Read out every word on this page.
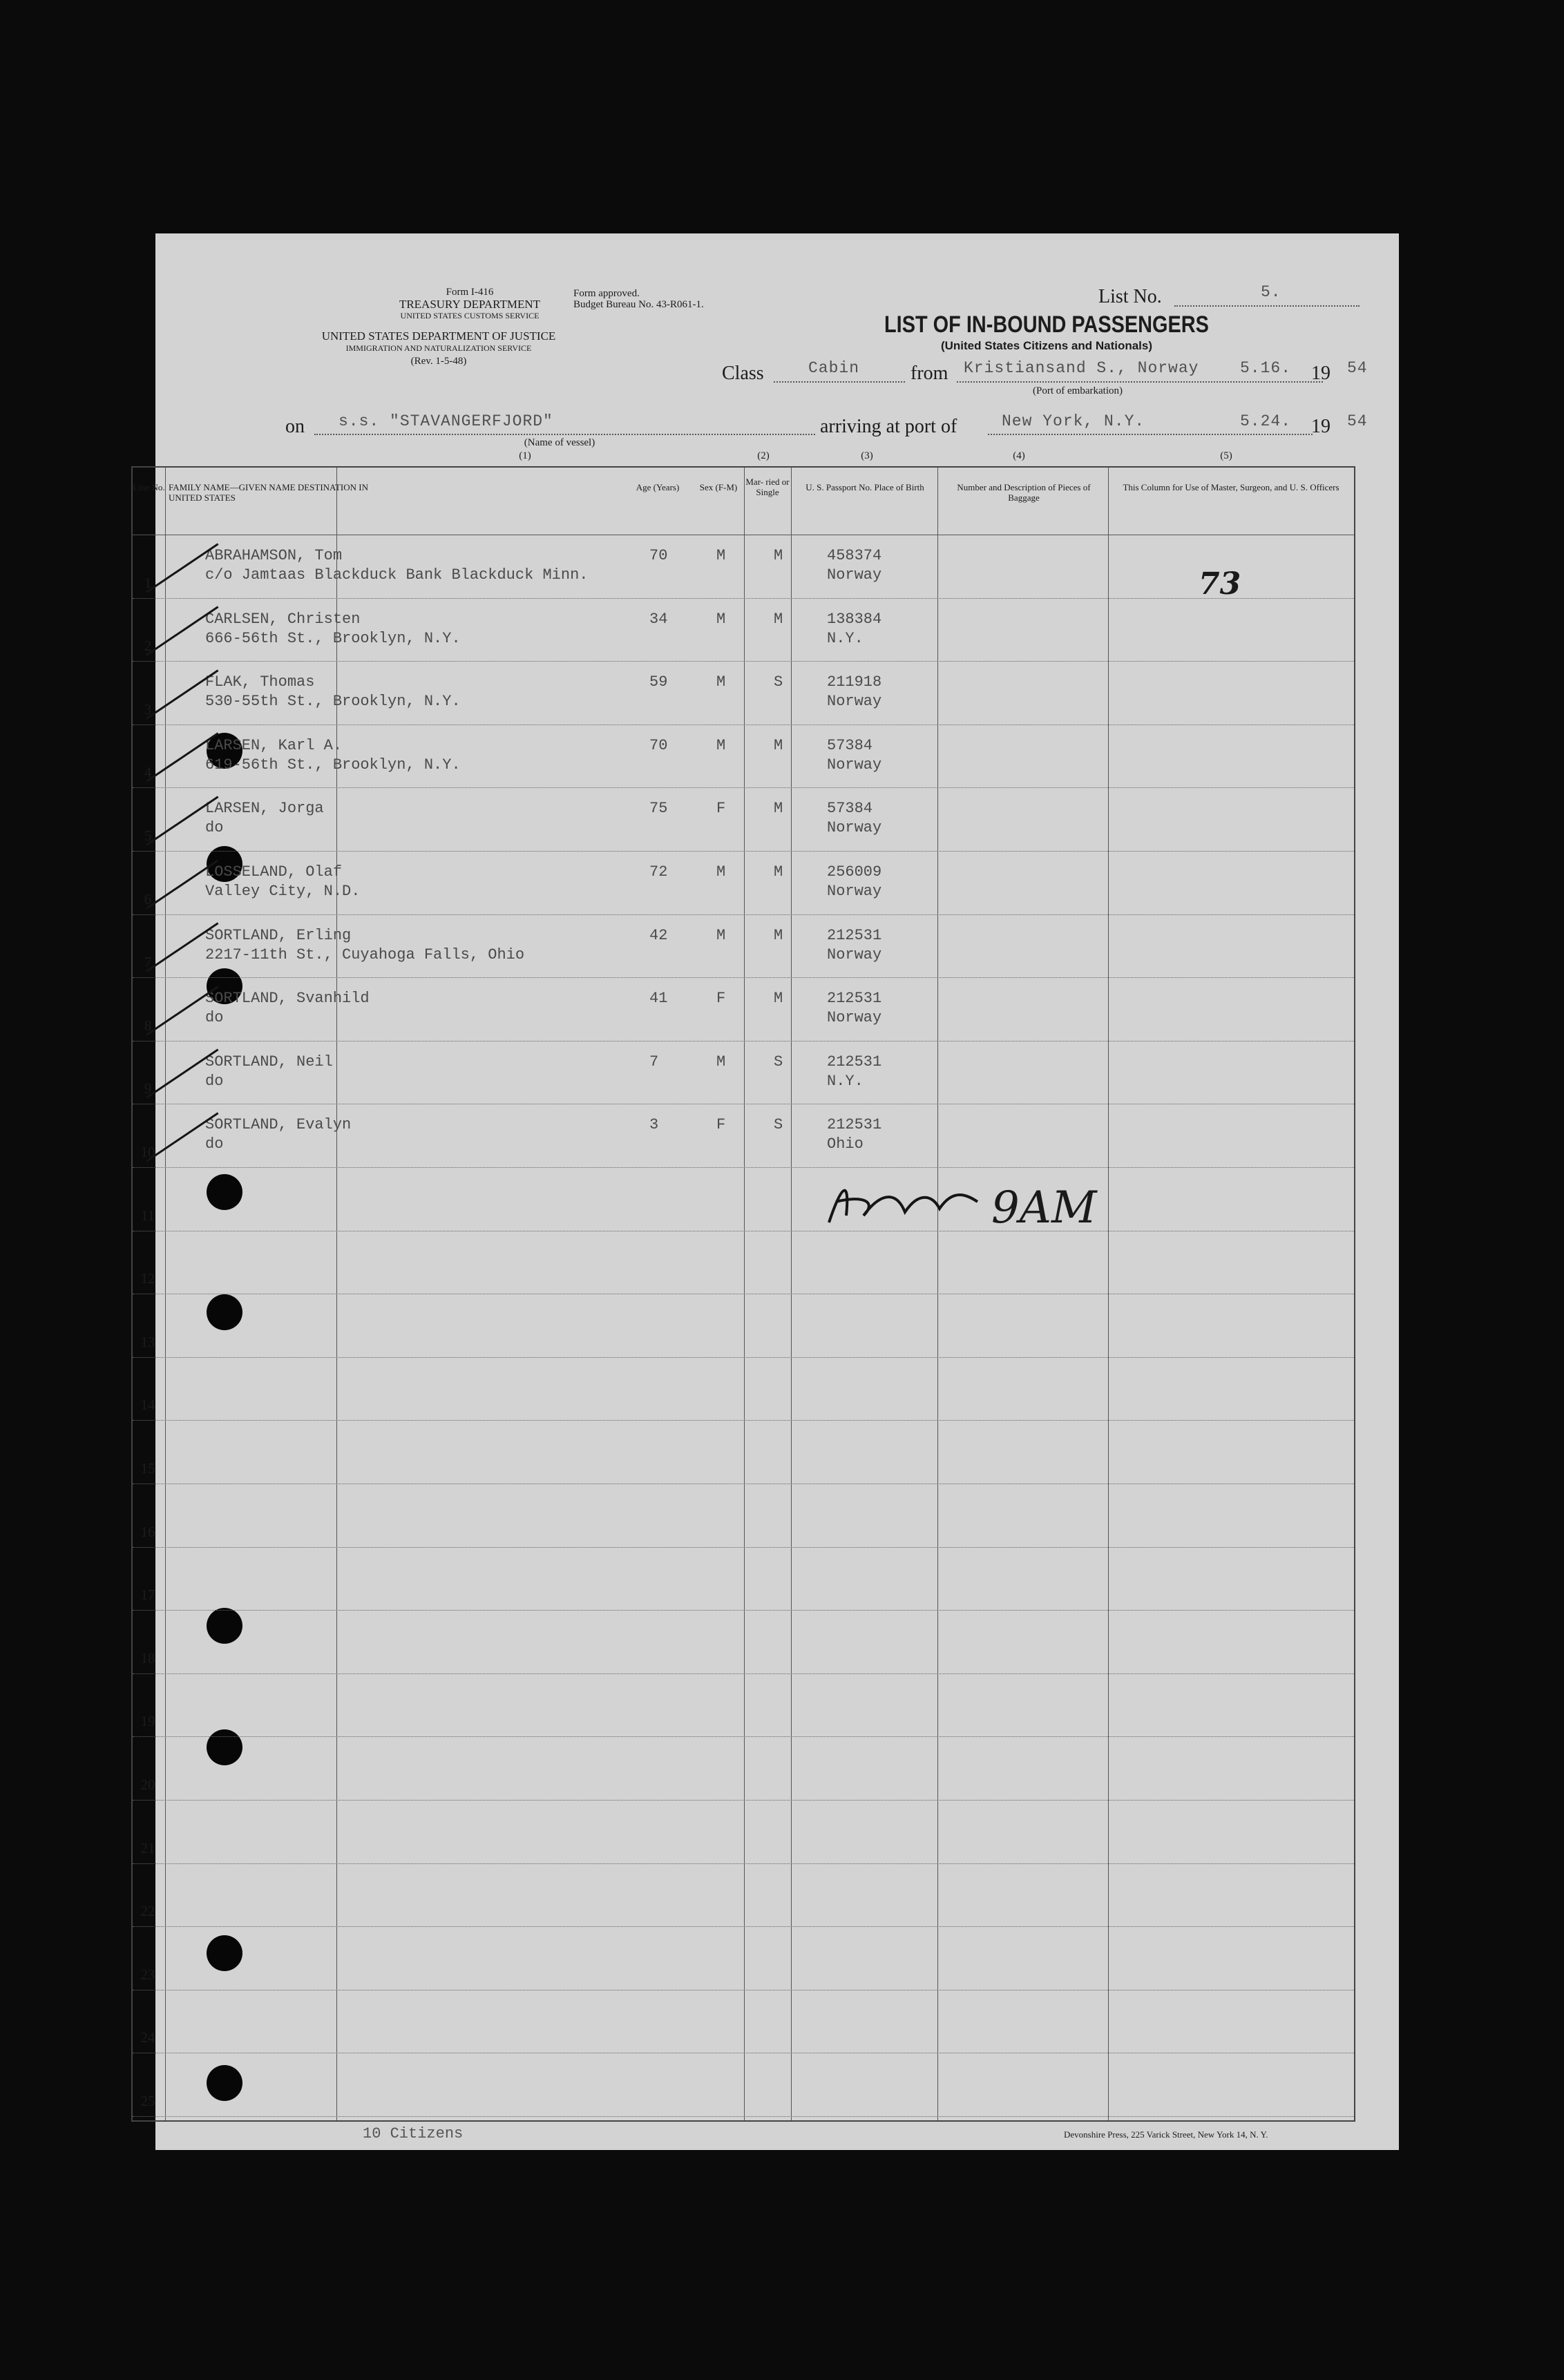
Form I-416
TREASURY DEPARTMENT
UNITED STATES CUSTOMS SERVICE
UNITED STATES DEPARTMENT OF JUSTICE
IMMIGRATION AND NATURALIZATION SERVICE
(Rev. 1-5-48)
Form approved.
Budget Bureau No. 43-R061-1.	List No.	5.
LIST OF IN-BOUND PASSENGERS
(United States Citizens and Nationals)
Class	Cabin	from Kristiansand S., Norway	5.16. 19 54
(Port of embarkation)
on s.s. "STAVANGERFJORD"
(Name of vessel)
arriving at port of	New York, N.Y.	5.24. 19 54
(1)	(2)	(3)	(4)	(5)
Line No. FAMILY NAME—GIVEN NAME DESTINATION IN UNITED STATES
Age (Years)	Sex (F-M)
Mar- ried or Single	U. S. Passport No. Place of Birth	Number and Description of Pieces of Baggage
This Column for Use of Master, Surgeon, and U. S. Officers
1
ABRAHAMSON, Tom
c/o Jamtaas Blackduck Bank Blackduck Minn.
70	M	M	458374
Norway
2
CARLSEN, Christen
666-56th St., Brooklyn, N.Y.
34	M	M	138384
N.Y.
3
FLAK, Thomas
530-55th St., Brooklyn, N.Y.
59	M	S	211918
Norway
4
LARSEN, Karl A.
619-56th St., Brooklyn, N.Y.
70	M	M	57384
Norway
5
LARSEN, Jorga
do
75	F	M	57384
Norway
6
LOSSELAND, Olaf
Valley City, N.D.
72	M	M	256009
Norway
7
SORTLAND, Erling
2217-11th St., Cuyahoga Falls, Ohio
42	M	M	212531
Norway
8
SORTLAND, Svanhild
do
41	F	M	212531
Norway
9
SORTLAND, Neil
do
7	M	S	212531
N.Y.
10
SORTLAND, Evalyn
do
3	F	S	212531
Ohio
11
12
13
14
15
16
17
18
19
20
21
22
23
24
25
73
9AM
10 Citizens	Devonshire Press, 225 Varick Street, New York 14, N. Y.
